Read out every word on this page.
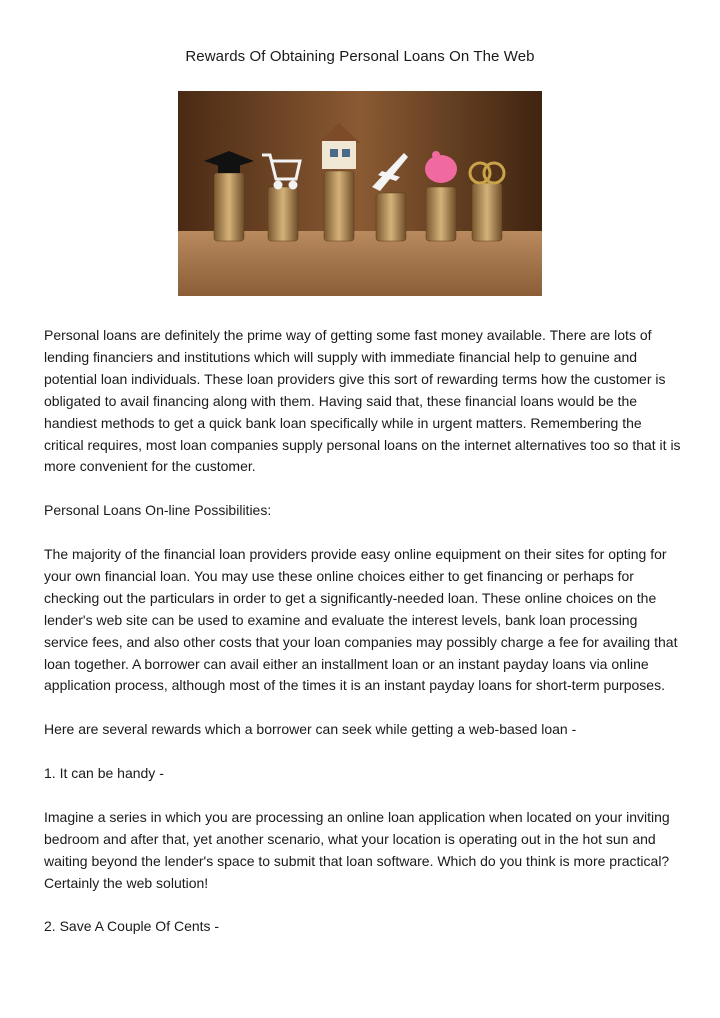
Rewards Of Obtaining Personal Loans On The Web

Personal loans are definitely the prime way of getting some fast money available. There are lots of lending financiers and institutions which will supply with immediate financial help to genuine and potential loan individuals. These loan providers give this sort of rewarding terms how the customer is obligated to avail financing along with them. Having said that, these financial loans would be the handiest methods to get a quick bank loan specifically while in urgent matters. Remembering the critical requires, most loan companies supply personal loans on the internet alternatives too so that it is more convenient for the customer.

Personal Loans On-line Possibilities:

The majority of the financial loan providers provide easy online equipment on their sites for opting for your own financial loan. You may use these online choices either to get financing or perhaps for checking out the particulars in order to get a significantly-needed loan. These online choices on the lender's web site can be used to examine and evaluate the interest levels, bank loan processing service fees, and also other costs that your loan companies may possibly charge a fee for availing that loan together. A borrower can avail either an installment loan or an instant payday loans via online application process, although most of the times it is an instant payday loans for short-term purposes.

Here are several rewards which a borrower can seek while getting a web-based loan -

1. It can be handy -

Imagine a series in which you are processing an online loan application when located on your inviting bedroom and after that, yet another scenario, what your location is operating out in the hot sun and waiting beyond the lender's space to submit that loan software. Which do you think is more practical? Certainly the web solution!

2. Save A Couple Of Cents -
